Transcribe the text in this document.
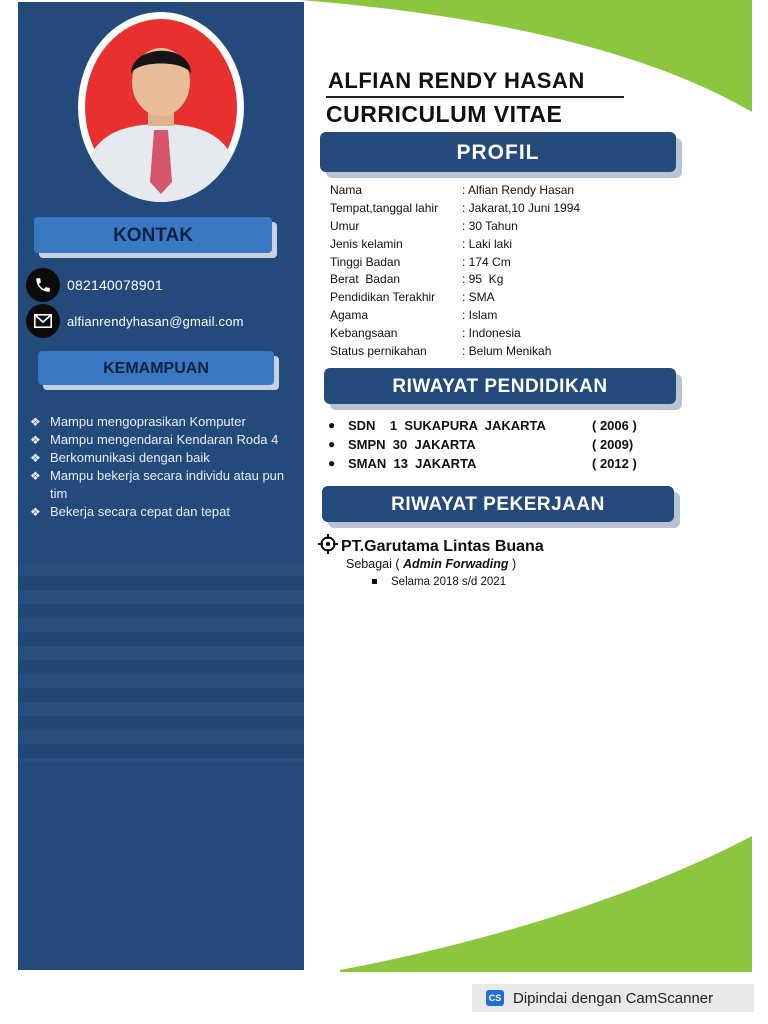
KONTAK
082140078901
alfianrendyhasan@gmail.com
KEMAMPUAN
❖ Mampu mengoprasikan Komputer
❖ Mampu mengendarai Kendaran Roda 4
❖ Berkomunikasi dengan baik
❖ Mampu bekerja secara individu atau pun tim
❖ Bekerja secara cepat dan tepat
ALFIAN RENDY HASAN
CURRICULUM VITAE
PROFIL
Nama	: Alfian Rendy Hasan
Tempat,tanggal lahir	: Jakarat,10 Juni 1994
Umur	: 30 Tahun
Jenis kelamin	: Laki laki
Tinggi Badan	: 174 Cm
Berat  Badan	: 95  Kg
Pendidikan Terakhir	: SMA
Agama	: Islam
Kebangsaan	: Indonesia
Status pernikahan	: Belum Menikah
RIWAYAT PENDIDIKAN
● SDN    1  SUKAPURA  JAKARTA	( 2006 )
● SMPN  30  JAKARTA	( 2009)
● SMAN  13  JAKARTA	( 2012 )
RIWAYAT PEKERJAAN
PT.Garutama Lintas Buana
Sebagai ( Admin Forwading )
Selama 2018 s/d 2021
CS Dipindai dengan CamScanner
